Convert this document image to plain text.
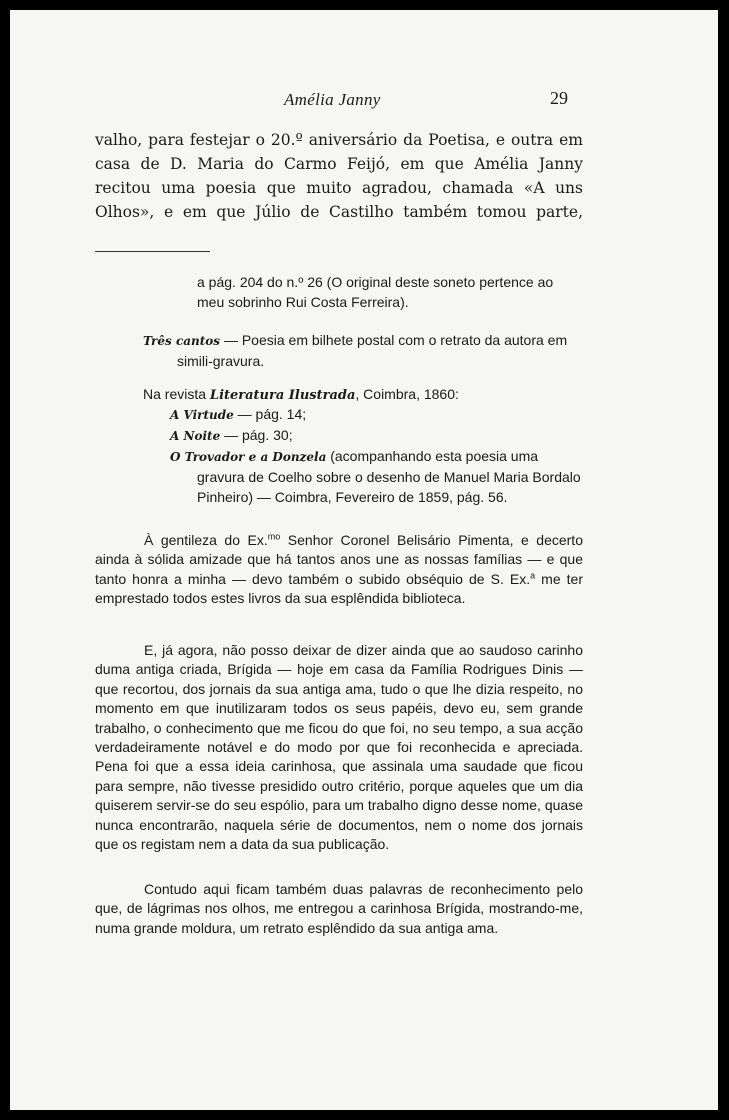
Amélia Janny	29

valho, para festejar o 20.º aniversário da Poetisa, e outra em casa de D. Maria do Carmo Feijó, em que Amélia Janny recitou uma poesia que muito agradou, chamada «A uns Olhos», e em que Júlio de Castilho também tomou parte,

a pág. 204 do n.º 26 (O original deste soneto pertence ao meu sobrinho Rui Costa Ferreira).

Três cantos — Poesia em bilhete postal com o retrato da autora em simili-gravura.

Na revista Literatura Ilustrada, Coimbra, 1860:

A Virtude — pág. 14;
A Noite — pág. 30;
O Trovador e a Donzela (acompanhando esta poesia uma gravura de Coelho sobre o desenho de Manuel Maria Bordalo Pinheiro) — Coimbra, Fevereiro de 1859, pág. 56.

À gentileza do Ex.$^{mo}$ Senhor Coronel Belisário Pimenta, e decerto ainda à sólida amizade que há tantos anos une as nossas famílias — e que tanto honra a minha — devo também o subido obséquio de S. Ex.$^a$ me ter emprestado todos estes livros da sua esplêndida biblioteca.

E, já agora, não posso deixar de dizer ainda que ao saudoso carinho duma antiga criada, Brígida — hoje em casa da Família Rodrigues Dinis — que recortou, dos jornais da sua antiga ama, tudo o que lhe dizia respeito, no momento em que inutilizaram todos os seus papéis, devo eu, sem grande trabalho, o conhecimento que me ficou do que foi, no seu tempo, a sua acção verdadeiramente notável e do modo por que foi reconhecida e apreciada. Pena foi que a essa ideia carinhosa, que assinala uma saudade que ficou para sempre, não tivesse presidido outro critério, porque aqueles que um dia quiserem servir-se do seu espólio, para um trabalho digno desse nome, quase nunca encontrarão, naquela série de documentos, nem o nome dos jornais que os registam nem a data da sua publicação.

Contudo aqui ficam também duas palavras de reconhecimento pelo que, de lágrimas nos olhos, me entregou a carinhosa Brígida, mostrando-me, numa grande moldura, um retrato esplêndido da sua antiga ama.
